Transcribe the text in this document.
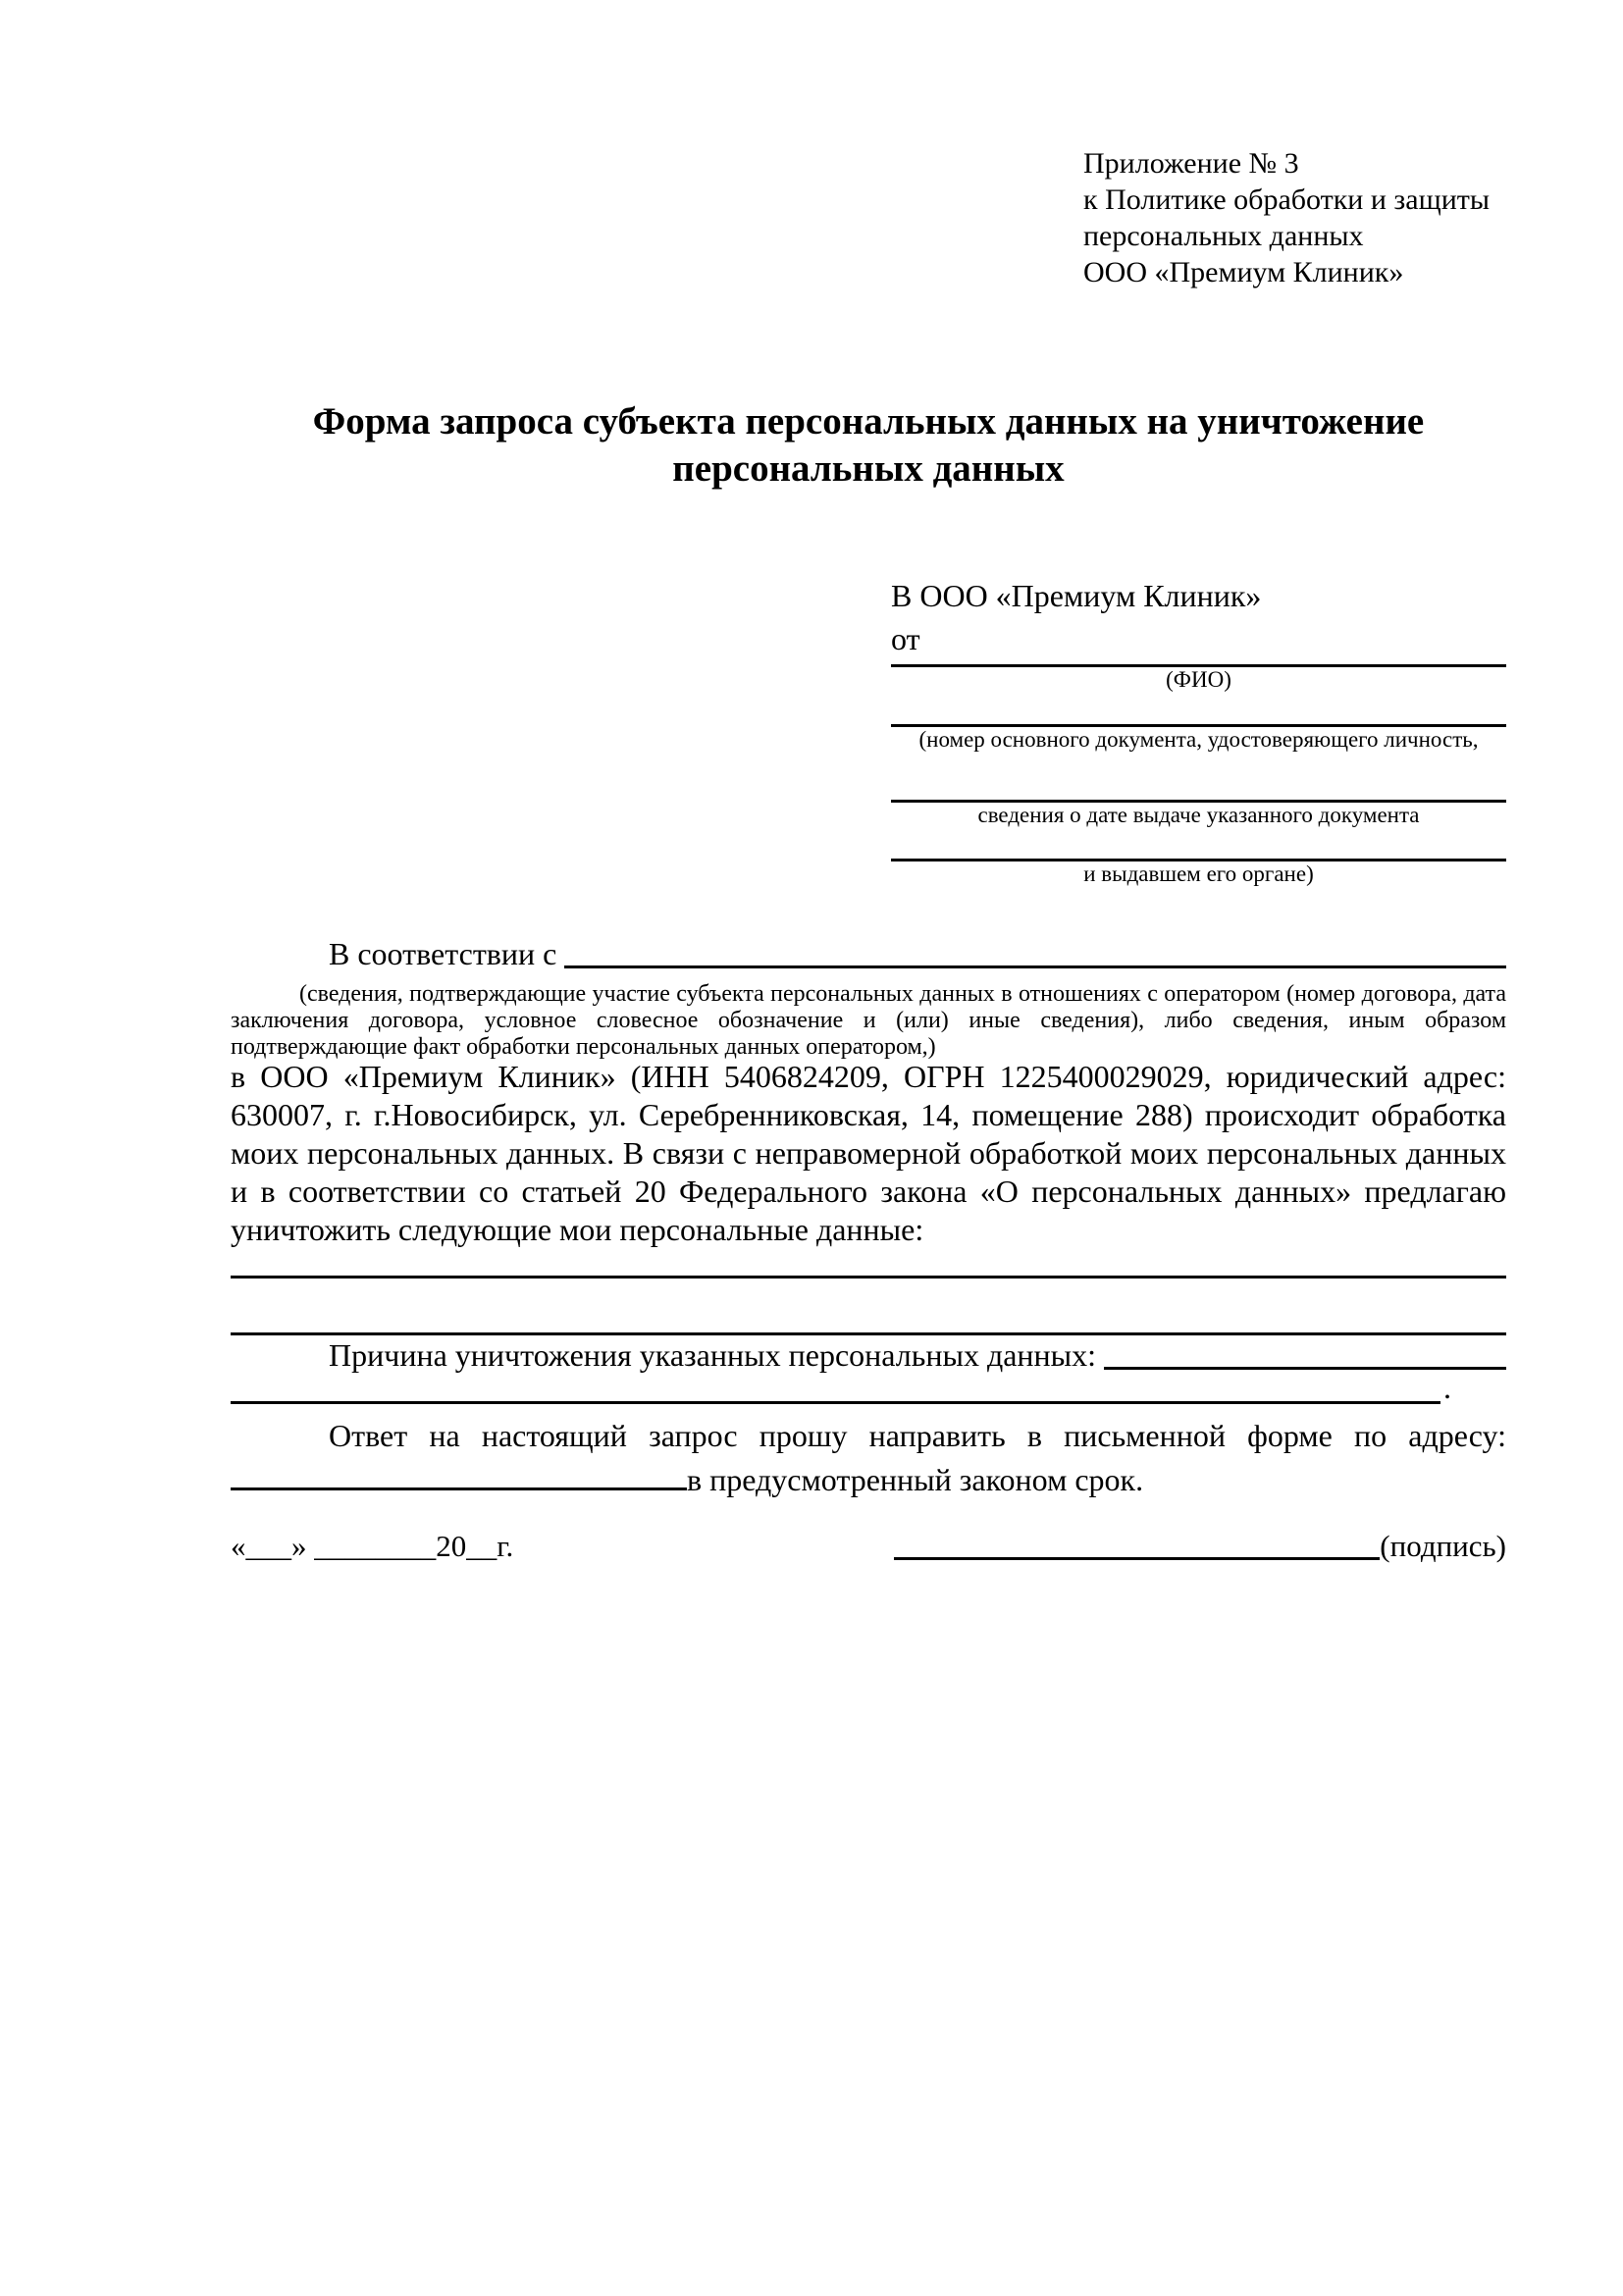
Приложение № 3
к Политике обработки и защиты
персональных данных
ООО «Премиум Клиник»
Форма запроса субъекта персональных данных на уничтожение персональных данных
В ООО «Премиум Клиник»
от
(ФИО)
(номер основного документа, удостоверяющего личность,
сведения о дате выдаче указанного документа
и выдавшем его органе)
В соответствии с
(сведения, подтверждающие участие субъекта персональных данных в отношениях с оператором (номер договора, дата заключения договора, условное словесное обозначение и (или) иные сведения), либо сведения, иным образом подтверждающие факт обработки персональных данных оператором,)
в ООО «Премиум Клиник» (ИНН 5406824209, ОГРН 1225400029029, юридический адрес: 630007, г. г.Новосибирск, ул. Серебренниковская, 14, помещение 288) происходит обработка моих персональных данных. В связи с неправомерной обработкой моих персональных данных и в соответствии со статьей 20 Федерального закона «О персональных данных» предлагаю уничтожить следующие мои персональные данные:
Причина уничтожения указанных персональных данных:
.
Ответ на настоящий запрос прошу направить в письменной форме по адресу: в предусмотренный законом срок.
«___» ________20__г.	(подпись)
